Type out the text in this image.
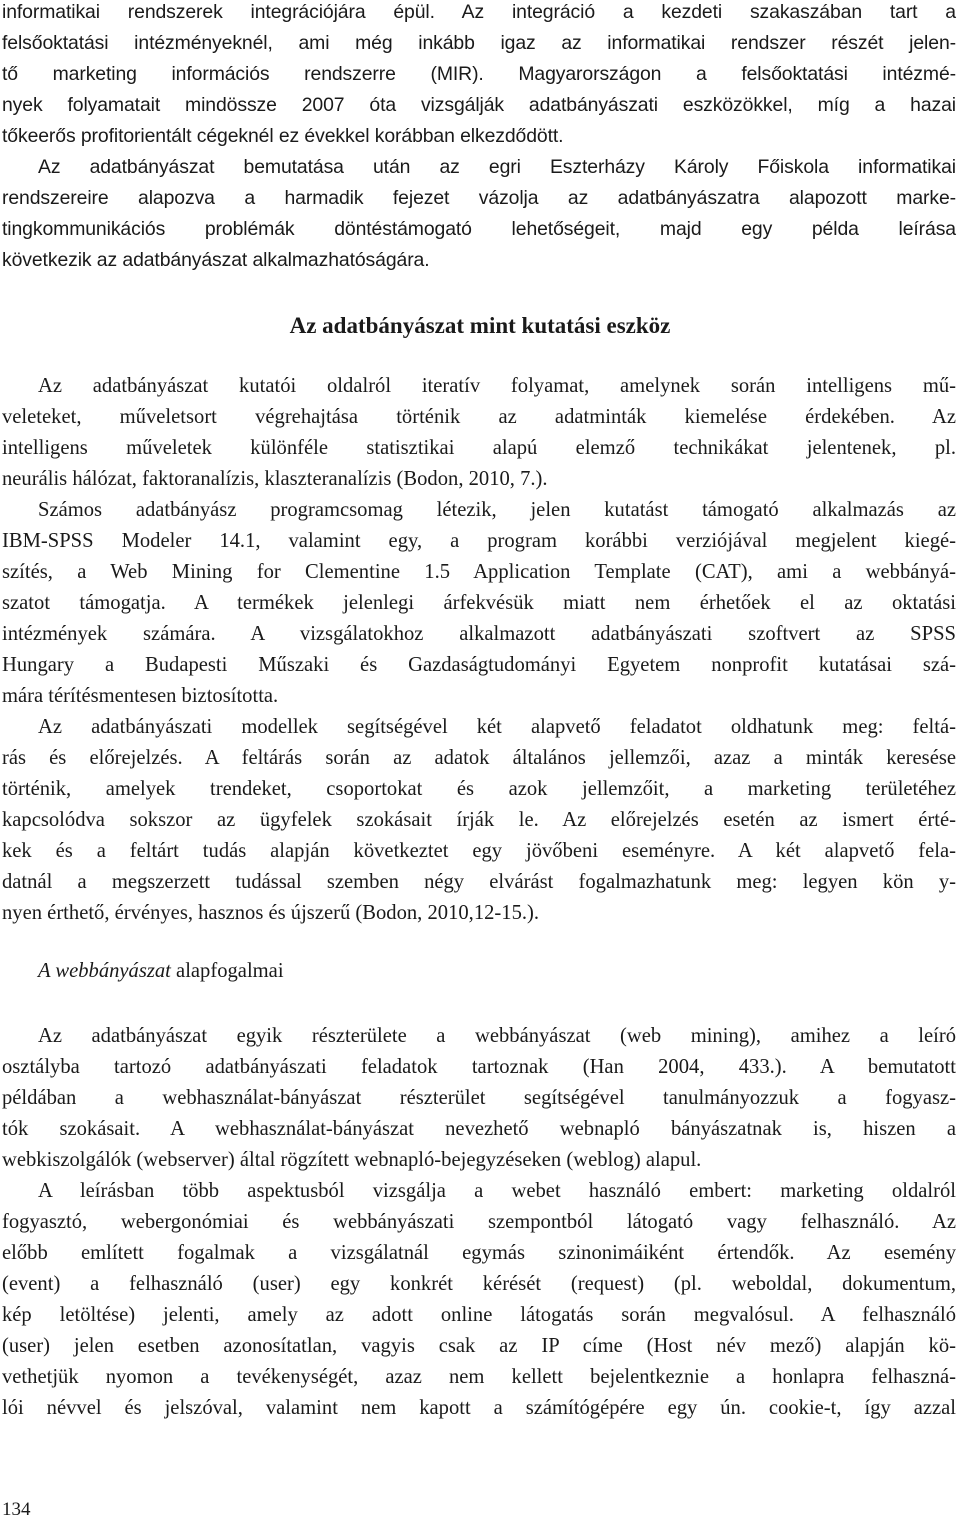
informatikai rendszerek integrációjára épül. Az integráció a kezdeti szakaszában tart a

felsőoktatási intézményeknél, ami még inkább igaz az informatikai rendszer részét jelen-

tő marketing információs rendszerre (MIR). Magyarországon a felsőoktatási intézmé-

nyek folyamatait mindössze 2007 óta vizsgálják adatbányászati eszközökkel, míg a hazai

tőkeerős profitorientált cégeknél ez évekkel korábban elkezdődött.

Az adatbányászat bemutatása után az egri Eszterházy Károly Főiskola informatikai

rendszereire alapozva a harmadik fejezet vázolja az adatbányászatra alapozott marke-

tingkommunikációs problémák döntéstámogató lehetőségeit, majd egy példa leírása

következik az adatbányászat alkalmazhatóságára.

Az adatbányászat mint kutatási eszköz

Az adatbányászat kutatói oldalról iteratív folyamat, amelynek során intelligens mű-

veleteket, műveletsort végrehajtása történik az adatminták kiemelése érdekében. Az

intelligens műveletek különféle statisztikai alapú elemző technikákat jelentenek, pl.

neurális hálózat, faktoranalízis, klaszteranalízis (Bodon, 2010, 7.).

Számos adatbányász programcsomag létezik, jelen kutatást támogató alkalmazás az

IBM-SPSS Modeler 14.1, valamint egy, a program korábbi verziójával megjelent kiegé-

szítés, a Web Mining for Clementine 1.5 Application Template (CAT), ami a webbányá-

szatot támogatja. A termékek jelenlegi árfekvésük miatt nem érhetőek el az oktatási

intézmények számára. A vizsgálatokhoz alkalmazott adatbányászati szoftvert az SPSS

Hungary a Budapesti Műszaki és Gazdaságtudományi Egyetem nonprofit kutatásai szá-

mára térítésmentesen biztosította.

Az adatbányászati modellek segítségével két alapvető feladatot oldhatunk meg: feltá-

rás és előrejelzés. A feltárás során az adatok általános jellemzői, azaz a minták keresése

történik, amelyek trendeket, csoportokat és azok jellemzőit, a marketing területéhez

kapcsolódva sokszor az ügyfelek szokásait írják le. Az előrejelzés esetén az ismert érté-

kek és a feltárt tudás alapján következtet egy jövőbeni eseményre. A két alapvető fela-

datnál a megszerzett tudással szemben négy elvárást fogalmazhatunk meg: legyen kön y-

nyen érthető, érvényes, hasznos és újszerű (Bodon, 2010,12-15.).

A webbányászat alapfogalmai

Az adatbányászat egyik részterülete a webbányászat (web mining), amihez a leíró

osztályba tartozó adatbányászati feladatok tartoznak (Han 2004, 433.). A bemutatott

példában a webhasználat-bányászat részterület segítségével tanulmányozzuk a fogyasz-

tók szokásait. A webhasználat-bányászat nevezhető webnapló bányászatnak is, hiszen a

webkiszolgálók (webserver) által rögzített webnapló-bejegyzéseken (weblog) alapul.

A leírásban több aspektusból vizsgálja a webet használó embert: marketing oldalról

fogyasztó, webergonómiai és webbányászati szempontból látogató vagy felhasználó. Az

előbb említett fogalmak a vizsgálatnál egymás szinonimáiként értendők. Az esemény

(event) a felhasználó (user) egy konkrét kérését (request) (pl. weboldal, dokumentum,

kép letöltése) jelenti, amely az adott online látogatás során megvalósul. A felhasználó

(user) jelen esetben azonosítatlan, vagyis csak az IP címe (Host név mező) alapján kö-

vethetjük nyomon a tevékenységét, azaz nem kellett bejelentkeznie a honlapra felhaszná-

lói névvel és jelszóval, valamint nem kapott a számítógépére egy ún. cookie-t, így azzal

134
